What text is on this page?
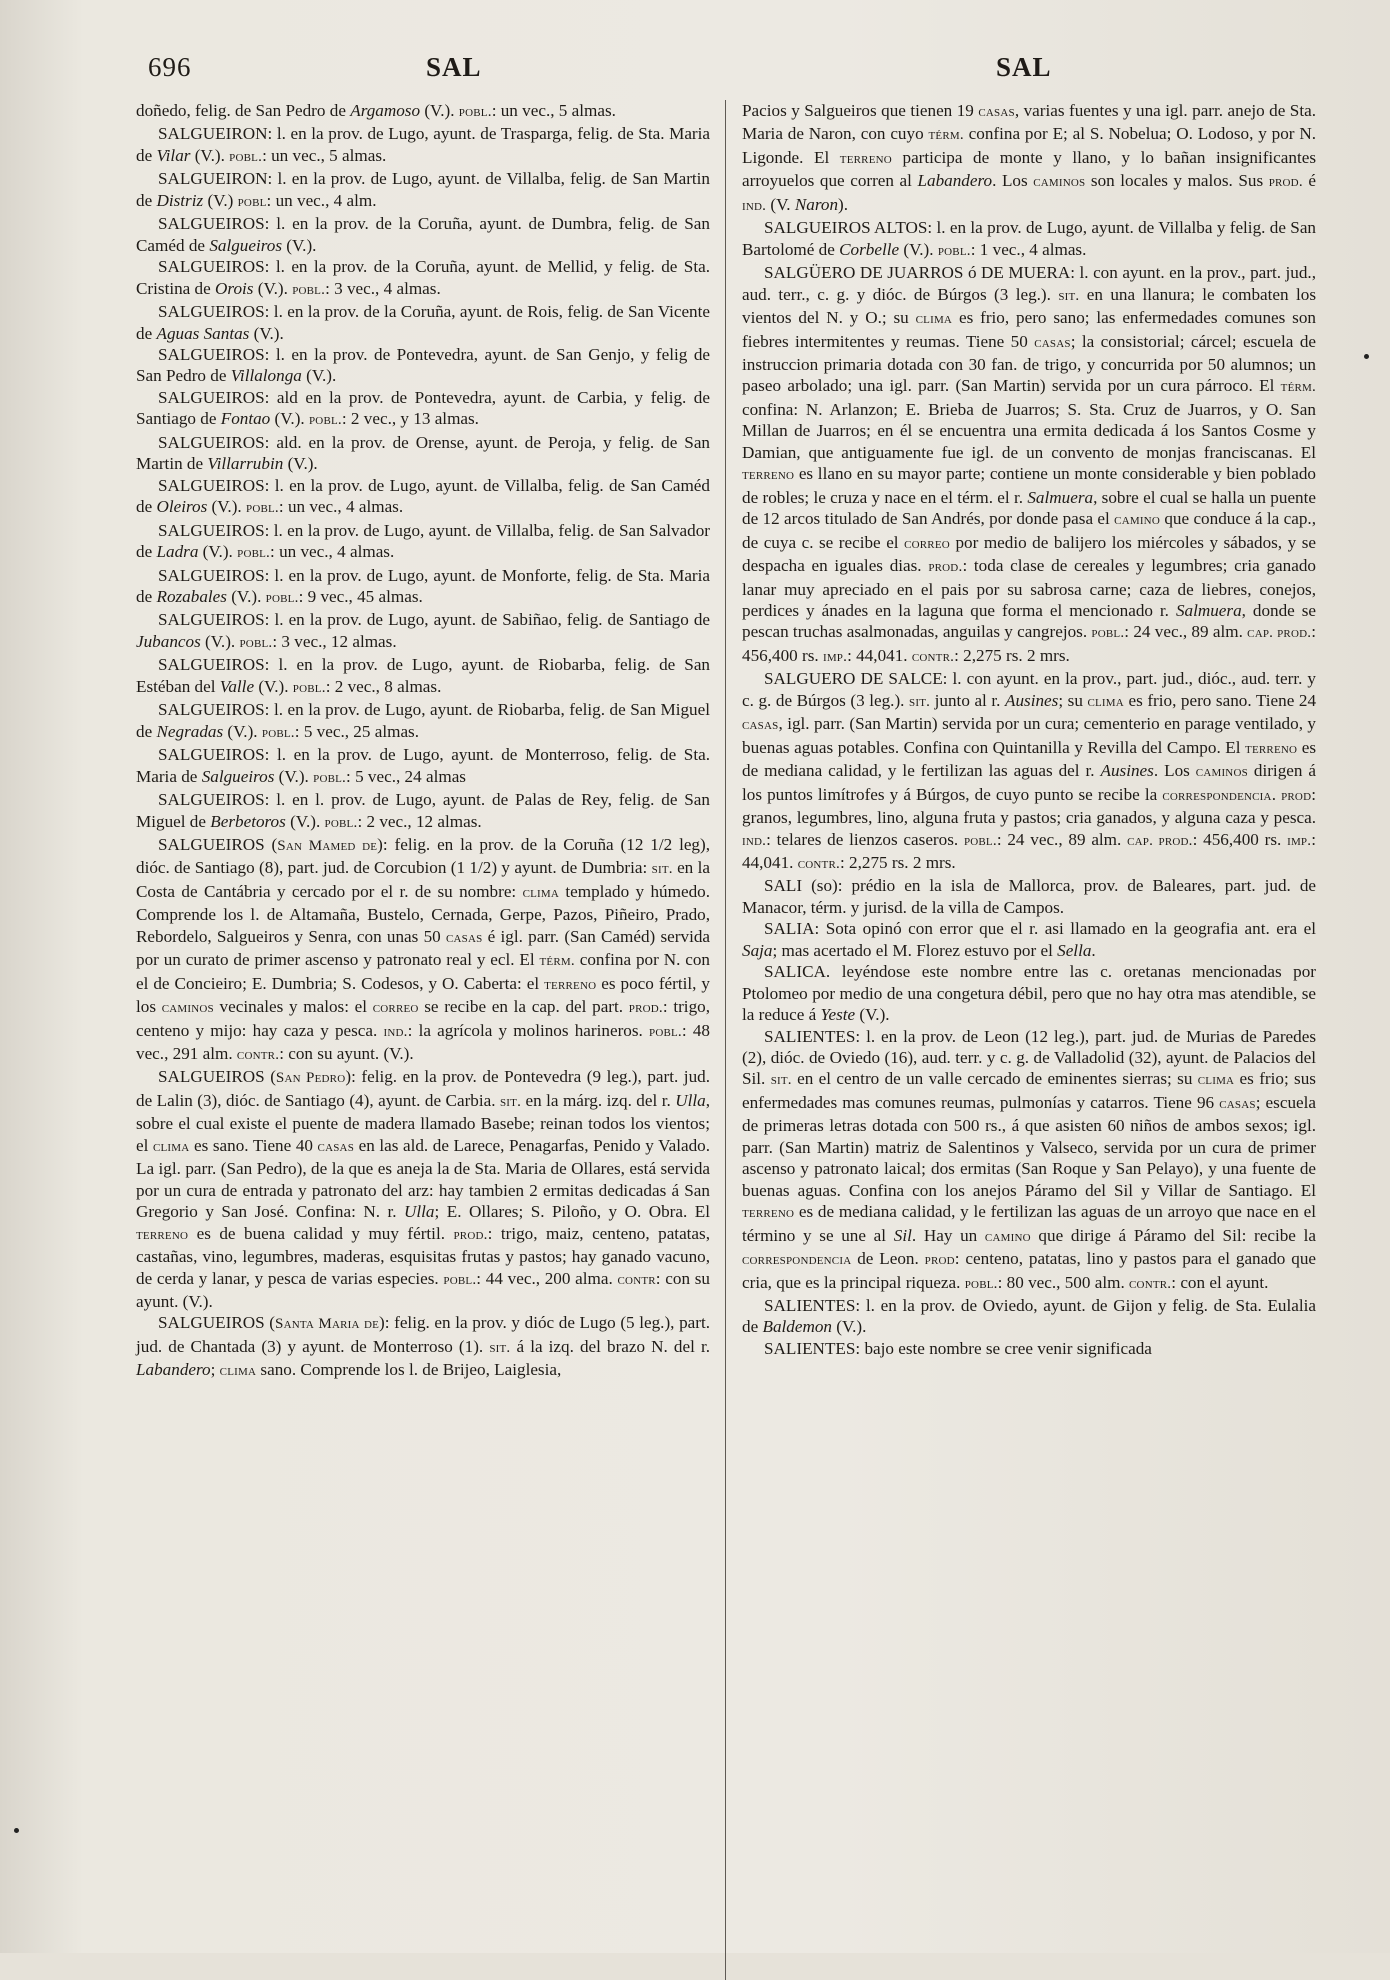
696	SAL	SAL

doñedo, felig. de San Pedro de Argamoso (V.). pobl.: un vec., 5 almas.

SALGUEIRON: l. en la prov. de Lugo, ayunt. de Trasparga, felig. de Sta. Maria de Vilar (V.). pobl.: un vec., 5 almas.

SALGUEIRON: l. en la prov. de Lugo, ayunt. de Villalba, felig. de San Martin de Distriz (V.) pobl: un vec., 4 alm.

SALGUEIROS: l. en la prov. de la Coruña, ayunt. de Dumbra, felig. de San Caméd de Salgueiros (V.).

SALGUEIROS: l. en la prov. de la Coruña, ayunt. de Mellid, y felig. de Sta. Cristina de Orois (V.). pobl.: 3 vec., 4 almas.

SALGUEIROS: l. en la prov. de la Coruña, ayunt. de Rois, felig. de San Vicente de Aguas Santas (V.).

SALGUEIROS: l. en la prov. de Pontevedra, ayunt. de San Genjo, y felig de San Pedro de Villalonga (V.).

SALGUEIROS: ald en la prov. de Pontevedra, ayunt. de Carbia, y felig. de Santiago de Fontao (V.). pobl.: 2 vec., y 13 almas.

SALGUEIROS: ald. en la prov. de Orense, ayunt. de Peroja, y felig. de San Martin de Villarrubin (V.).

SALGUEIROS: l. en la prov. de Lugo, ayunt. de Villalba, felig. de San Caméd de Oleiros (V.). pobl.: un vec., 4 almas.

SALGUEIROS: l. en la prov. de Lugo, ayunt. de Villalba, felig. de San Salvador de Ladra (V.). pobl.: un vec., 4 almas.

SALGUEIROS: l. en la prov. de Lugo, ayunt. de Monforte, felig. de Sta. Maria de Rozabales (V.). pobl.: 9 vec., 45 almas.

SALGUEIROS: l. en la prov. de Lugo, ayunt. de Sabiñao, felig. de Santiago de Jubancos (V.). pobl.: 3 vec., 12 almas.

SALGUEIROS: l. en la prov. de Lugo, ayunt. de Riobarba, felig. de San Estéban del Valle (V.). pobl.: 2 vec., 8 almas.

SALGUEIROS: l. en la prov. de Lugo, ayunt. de Riobarba, felig. de San Miguel de Negradas (V.). pobl.: 5 vec., 25 almas.

SALGUEIROS: l. en la prov. de Lugo, ayunt. de Monterroso, felig. de Sta. Maria de Salgueiros (V.). pobl.: 5 vec., 24 almas

SALGUEIROS: l. en l. prov. de Lugo, ayunt. de Palas de Rey, felig. de San Miguel de Berbetoros (V.). pobl.: 2 vec., 12 almas.

SALGUEIROS (San Mamed de): felig. en la prov. de la Coruña (12 1/2 leg), dióc. de Santiago (8), part. jud. de Corcubion (1 1/2) y ayunt. de Dumbria: sit. en la Costa de Cantábria y cercado por el r. de su nombre: clima templado y húmedo. Comprende los l. de Altamaña, Bustelo, Cernada, Gerpe, Pazos, Piñeiro, Prado, Rebordelo, Salgueiros y Senra, con unas 50 casas é igl. parr. (San Caméd) servida por un curato de primer ascenso y patronato real y ecl. El térm. confina por N. con el de Concieiro; E. Dumbria; S. Codesos, y O. Caberta: el terreno es poco fértil, y los caminos vecinales y malos: el correo se recibe en la cap. del part. prod.: trigo, centeno y mijo: hay caza y pesca. ind.: la agrícola y molinos harineros. pobl.: 48 vec., 291 alm. contr.: con su ayunt. (V.).

SALGUEIROS (San Pedro): felig. en la prov. de Pontevedra (9 leg.), part. jud. de Lalin (3), dióc. de Santiago (4), ayunt. de Carbia. sit. en la márg. izq. del r. Ulla, sobre el cual existe el puente de madera llamado Basebe; reinan todos los vientos; el clima es sano. Tiene 40 casas en las ald. de Larece, Penagarfas, Penido y Valado. La igl. parr. (San Pedro), de la que es aneja la de Sta. Maria de Ollares, está servida por un cura de entrada y patronato del arz: hay tambien 2 ermitas dedicadas á San Gregorio y San José. Confina: N. r. Ulla; E. Ollares; S. Piloño, y O. Obra. El terreno es de buena calidad y muy fértil. prod.: trigo, maiz, centeno, patatas, castañas, vino, legumbres, maderas, esquisitas frutas y pastos; hay ganado vacuno, de cerda y lanar, y pesca de varias especies. pobl.: 44 vec., 200 alma. contr: con su ayunt. (V.).

SALGUEIROS (Santa Maria de): felig. en la prov. y dióc de Lugo (5 leg.), part. jud. de Chantada (3) y ayunt. de Monterroso (1). sit. á la izq. del brazo N. del r. Labandero; clima sano. Comprende los l. de Brijeo, Laiglesia,

Pacios y Salgueiros que tienen 19 casas, varias fuentes y una igl. parr. anejo de Sta. Maria de Naron, con cuyo térm. confina por E; al S. Nobelua; O. Lodoso, y por N. Ligonde. El terreno participa de monte y llano, y lo bañan insignificantes arroyuelos que corren al Labandero. Los caminos son locales y malos. Sus prod. é ind. (V. Naron).

SALGUEIROS ALTOS: l. en la prov. de Lugo, ayunt. de Villalba y felig. de San Bartolomé de Corbelle (V.). pobl.: 1 vec., 4 almas.

SALGÜERO DE JUARROS ó DE MUERA: l. con ayunt. en la prov., part. jud., aud. terr., c. g. y dióc. de Búrgos (3 leg.). sit. en una llanura; le combaten los vientos del N. y O.; su clima es frio, pero sano; las enfermedades comunes son fiebres intermitentes y reumas. Tiene 50 casas; la consistorial; cárcel; escuela de instruccion primaria dotada con 30 fan. de trigo, y concurrida por 50 alumnos; un paseo arbolado; una igl. parr. (San Martin) servida por un cura párroco. El térm. confina: N. Arlanzon; E. Brieba de Juarros; S. Sta. Cruz de Juarros, y O. San Millan de Juarros; en él se encuentra una ermita dedicada á los Santos Cosme y Damian, que antiguamente fue igl. de un convento de monjas franciscanas. El terreno es llano en su mayor parte; contiene un monte considerable y bien poblado de robles; le cruza y nace en el térm. el r. Salmuera, sobre el cual se halla un puente de 12 arcos titulado de San Andrés, por donde pasa el camino que conduce á la cap., de cuya c. se recibe el correo por medio de balijero los miércoles y sábados, y se despacha en iguales dias. prod.: toda clase de cereales y legumbres; cria ganado lanar muy apreciado en el pais por su sabrosa carne; caza de liebres, conejos, perdices y ánades en la laguna que forma el mencionado r. Salmuera, donde se pescan truchas asalmonadas, anguilas y cangrejos. pobl.: 24 vec., 89 alm. cap. prod.: 456,400 rs. imp.: 44,041. contr.: 2,275 rs. 2 mrs.

SALGUERO DE SALCE: l. con ayunt. en la prov., part. jud., dióc., aud. terr. y c. g. de Búrgos (3 leg.). sit. junto al r. Ausines; su clima es frio, pero sano. Tiene 24 casas, igl. parr. (San Martin) servida por un cura; cementerio en parage ventilado, y buenas aguas potables. Confina con Quintanilla y Revilla del Campo. El terreno es de mediana calidad, y le fertilizan las aguas del r. Ausines. Los caminos dirigen á los puntos limítrofes y á Búrgos, de cuyo punto se recibe la correspondencia. prod: granos, legumbres, lino, alguna fruta y pastos; cria ganados, y alguna caza y pesca. ind.: telares de lienzos caseros. pobl.: 24 vec., 89 alm. cap. prod.: 456,400 rs. imp.: 44,041. contr.: 2,275 rs. 2 mrs.

SALI (so): prédio en la isla de Mallorca, prov. de Baleares, part. jud. de Manacor, térm. y jurisd. de la villa de Campos.

SALIA: Sota opinó con error que el r. asi llamado en la geografia ant. era el Saja; mas acertado el M. Florez estuvo por el Sella.

SALICA. leyéndose este nombre entre las c. oretanas mencionadas por Ptolomeo por medio de una congetura débil, pero que no hay otra mas atendible, se la reduce á Yeste (V.).

SALIENTES: l. en la prov. de Leon (12 leg.), part. jud. de Murias de Paredes (2), dióc. de Oviedo (16), aud. terr. y c. g. de Valladolid (32), ayunt. de Palacios del Sil. sit. en el centro de un valle cercado de eminentes sierras; su clima es frio; sus enfermedades mas comunes reumas, pulmonías y catarros. Tiene 96 casas; escuela de primeras letras dotada con 500 rs., á que asisten 60 niños de ambos sexos; igl. parr. (San Martin) matriz de Salentinos y Valseco, servida por un cura de primer ascenso y patronato laical; dos ermitas (San Roque y San Pelayo), y una fuente de buenas aguas. Confina con los anejos Páramo del Sil y Villar de Santiago. El terreno es de mediana calidad, y le fertilizan las aguas de un arroyo que nace en el término y se une al Sil. Hay un camino que dirige á Páramo del Sil: recibe la correspondencia de Leon. prod: centeno, patatas, lino y pastos para el ganado que cria, que es la principal riqueza. pobl.: 80 vec., 500 alm. contr.: con el ayunt.

SALIENTES: l. en la prov. de Oviedo, ayunt. de Gijon y felig. de Sta. Eulalia de Baldemon (V.).

SALIENTES: bajo este nombre se cree venir significada
